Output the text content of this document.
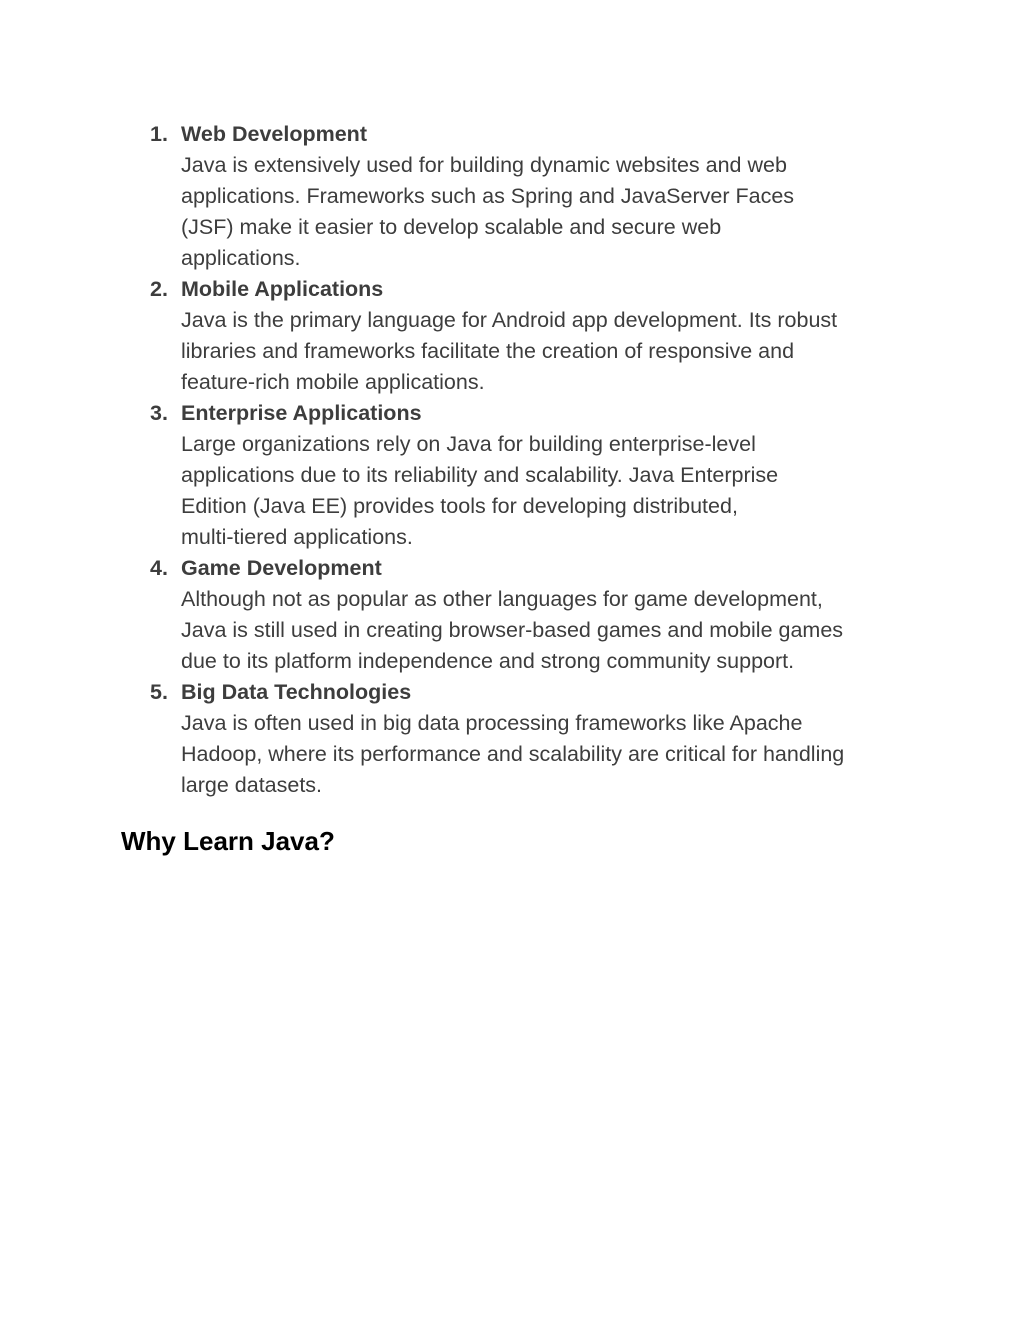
1. Web Development
Java is extensively used for building dynamic websites and web
applications. Frameworks such as Spring and JavaServer Faces
(JSF) make it easier to develop scalable and secure web
applications.
2. Mobile Applications
Java is the primary language for Android app development. Its robust
libraries and frameworks facilitate the creation of responsive and
feature-rich mobile applications.
3. Enterprise Applications
Large organizations rely on Java for building enterprise-level
applications due to its reliability and scalability. Java Enterprise
Edition (Java EE) provides tools for developing distributed,
multi-tiered applications.
4. Game Development
Although not as popular as other languages for game development,
Java is still used in creating browser-based games and mobile games
due to its platform independence and strong community support.
5. Big Data Technologies
Java is often used in big data processing frameworks like Apache
Hadoop, where its performance and scalability are critical for handling
large datasets.
Why Learn Java?
